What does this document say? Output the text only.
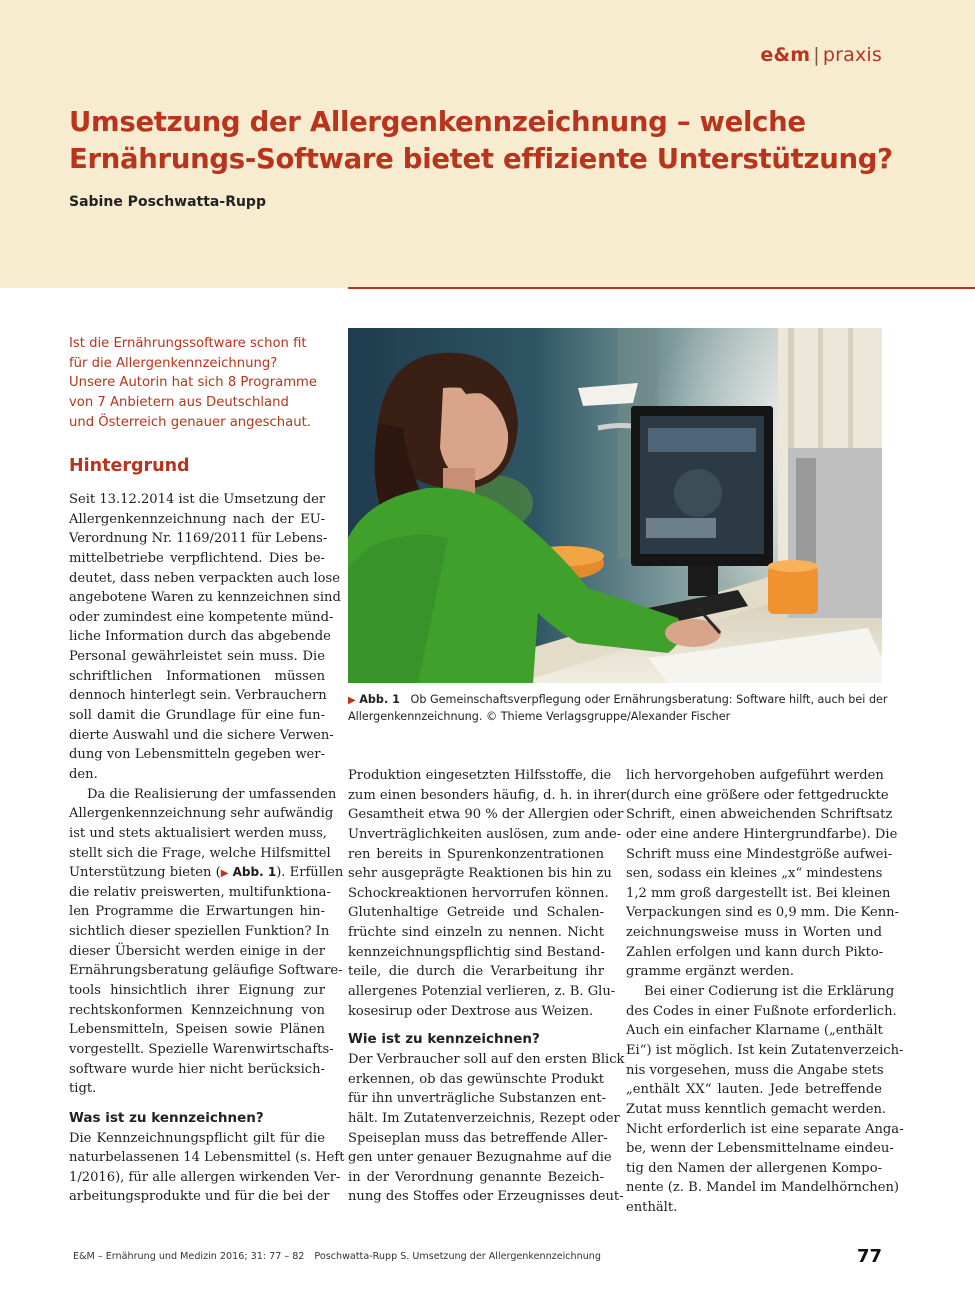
e&m | praxis
Umsetzung der Allergenkennzeichnung – welche
Ernährungs-Software bietet effiziente Unterstützung?
Sabine Poschwatta-Rupp
Ist die Ernährungssoftware schon fit
für die Allergenkennzeichnung?
Unsere Autorin hat sich 8 Programme
von 7 Anbietern aus Deutschland
und Österreich genauer angeschaut.
Hintergrund
Seit 13.12.2014 ist die Umsetzung der
Allergenkennzeichnung nach der EU-
Verordnung Nr. 1169/2011 für Lebens-
mittelbetriebe verpflichtend. Dies be-
deutet, dass neben verpackten auch lose
angebotene Waren zu kennzeichnen sind
oder zumindest eine kompetente münd-
liche Information durch das abgebende
Personal gewährleistet sein muss. Die
schriftlichen Informationen müssen
dennoch hinterlegt sein. Verbrauchern
soll damit die Grundlage für eine fun-
dierte Auswahl und die sichere Verwen-
dung von Lebensmitteln gegeben wer-
den.
Da die Realisierung der umfassenden
Allergenkennzeichnung sehr aufwändig
ist und stets aktualisiert werden muss,
stellt sich die Frage, welche Hilfsmittel
Unterstützung bieten (▶ Abb. 1). Erfüllen
die relativ preiswerten, multifunktiona-
len Programme die Erwartungen hin-
sichtlich dieser speziellen Funktion? In
dieser Übersicht werden einige in der
Ernährungsberatung geläufige Software-
tools hinsichtlich ihrer Eignung zur
rechtskonformen Kennzeichnung von
Lebensmitteln, Speisen sowie Plänen
vorgestellt. Spezielle Warenwirtschafts-
software wurde hier nicht berücksich-
tigt.
Was ist zu kennzeichnen?
Die Kennzeichnungspflicht gilt für die
naturbelassenen 14 Lebensmittel (s. Heft
1/2016), für alle allergen wirkenden Ver-
arbeitungsprodukte und für die bei der
▶ Abb. 1 Ob Gemeinschaftsverpflegung oder Ernährungsberatung: Software hilft, auch bei der
Allergenkennzeichnung. © Thieme Verlagsgruppe/Alexander Fischer
Produktion eingesetzten Hilfsstoffe, die
zum einen besonders häufig, d. h. in ihrer
Gesamtheit etwa 90 % der Allergien oder
Unverträglichkeiten auslösen, zum ande-
ren bereits in Spurenkonzentrationen
sehr ausgeprägte Reaktionen bis hin zu
Schockreaktionen hervorrufen können.
Glutenhaltige Getreide und Schalen-
früchte sind einzeln zu nennen. Nicht
kennzeichnungspflichtig sind Bestand-
teile, die durch die Verarbeitung ihr
allergenes Potenzial verlieren, z. B. Glu-
kosesirup oder Dextrose aus Weizen.
Wie ist zu kennzeichnen?
Der Verbraucher soll auf den ersten Blick
erkennen, ob das gewünschte Produkt
für ihn unverträgliche Substanzen ent-
hält. Im Zutatenverzeichnis, Rezept oder
Speiseplan muss das betreffende Aller-
gen unter genauer Bezugnahme auf die
in der Verordnung genannte Bezeich-
nung des Stoffes oder Erzeugnisses deut-
lich hervorgehoben aufgeführt werden
(durch eine größere oder fettgedruckte
Schrift, einen abweichenden Schriftsatz
oder eine andere Hintergrundfarbe). Die
Schrift muss eine Mindestgröße aufwei-
sen, sodass ein kleines „x“ mindestens
1,2 mm groß dargestellt ist. Bei kleinen
Verpackungen sind es 0,9 mm. Die Kenn-
zeichnungsweise muss in Worten und
Zahlen erfolgen und kann durch Pikto-
gramme ergänzt werden.
Bei einer Codierung ist die Erklärung
des Codes in einer Fußnote erforderlich.
Auch ein einfacher Klarname („enthält
Ei“) ist möglich. Ist kein Zutatenverzeich-
nis vorgesehen, muss die Angabe stets
„enthält XX“ lauten. Jede betreffende
Zutat muss kenntlich gemacht werden.
Nicht erforderlich ist eine separate Anga-
be, wenn der Lebensmittelname eindeu-
tig den Namen der allergenen Kompo-
nente (z. B. Mandel im Mandelhörnchen)
enthält.
E&M – Ernährung und Medizin 2016; 31: 77 – 82 Poschwatta-Rupp S. Umsetzung der Allergenkennzeichnung	77
